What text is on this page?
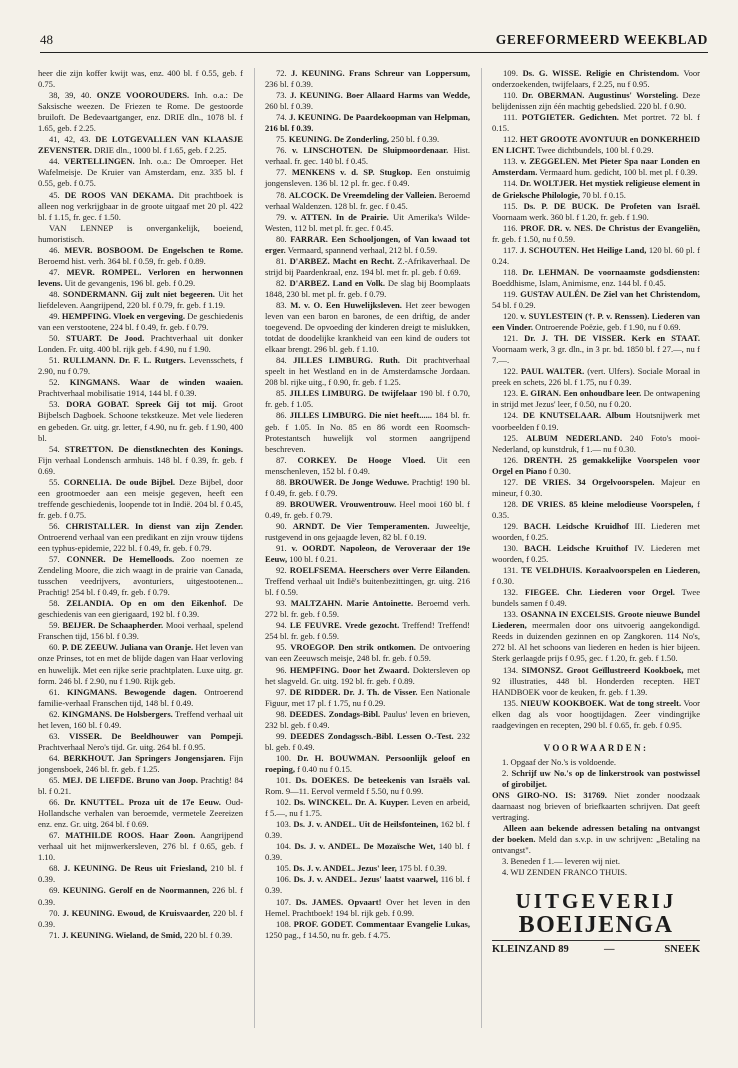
48	GEREFORMEERD WEEKBLAD

heer die zijn koffer kwijt was, enz. 400 bl. f 0.55, geb. f 0.75.

38, 39, 40. ONZE VOOROUDERS. Inh. o.a.: De Saksische weezen. De Friezen te Rome. De gestoorde bruiloft. De Bedevaartganger, enz. DRIE dln., 1078 bl. f 1.65, geb. f 2.25.

41, 42, 43. DE LOTGEVALLEN VAN KLAASJE ZEVENSTER. DRIE dln., 1000 bl. f 1.65, geb. f 2.25.

44. VERTELLINGEN. Inh. o.a.: De Omroeper. Het Wafelmeisje. De Kruier van Amsterdam, enz. 335 bl. f 0.55, geb. f 0.75.

45. DE ROOS VAN DEKAMA. Dit prachtboek is alleen nog verkrijgbaar in de groote uitgaaf met 20 pl. 422 bl. f 1.15, fr. gec. f 1.50.

VAN LENNEP is onvergankelijk, boeiend, humoristisch.

46. MEVR. BOSBOOM. De Engelschen te Rome. Beroemd hist. verh. 364 bl. f 0.59, fr. geb. f 0.89.

47. MEVR. ROMPEL. Verloren en herwonnen levens. Uit de gevangenis, 196 bl. geb. f 0.29.

48. SONDERMANN. Gij zult niet begeeren. Uit het liefdeleven. Aangrijpend, 220 bl. f 0.79, fr. geb. f 1.19.

49. HEMPFING. Vloek en vergeving. De geschiedenis van een verstootene, 224 bl. f 0.49, fr. geb. f 0.79.

50. STUART. De Jood. Prachtverhaal uit donker Londen. Fr. uitg. 400 bl. rijk geb. f 4.90, nu f 1.90.

51. RULLMANN. Dr. F. L. Rutgers. Levensschets, f 2.90, nu f 0.79.

52. KINGMANS. Waar de winden waaien. Prachtverhaal mobilisatie 1914, 144 bl. f 0.39.

53. DORA GOBAT. Spreek Gij tot mij. Groot Bijbelsch Dagboek. Schoone tekstkeuze. Met vele liederen en gebeden. Gr. uitg. gr. letter, f 4.90, nu fr. geb. f 1.90, 400 bl.

54. STRETTON. De dienstknechten des Konings. Fijn verhaal Londensch armhuis. 148 bl. f 0.39, fr. geb. f 0.69.

55. CORNELIA. De oude Bijbel. Deze Bijbel, door een grootmoeder aan een meisje gegeven, heeft een treffende geschiedenis, loopende tot in Indië. 204 bl. f 0.45, fr. geb. f 0.75.

56. CHRISTALLER. In dienst van zijn Zender. Ontroerend verhaal van een predikant en zijn vrouw tijdens een typhus-epidemie, 222 bl. f 0.49, fr. geb. f 0.79.

57. CONNER. De Hemelloods. Zoo noemen ze Zendeling Moore, die zich waagt in de prairie van Canada, tusschen veedrijvers, avonturiers, uitgestootenen... Prachtig! 254 bl. f 0.49, fr. geb. f 0.79.

58. ZELANDIA. Op en om den Eikenhof. De geschiedenis van een gierigaard, 192 bl. f 0.39.

59. BEIJER. De Schaapherder. Mooi verhaal, spelend Franschen tijd, 156 bl. f 0.39.

60. P. DE ZEEUW. Juliana van Oranje. Het leven van onze Prinses, tot en met de blijde dagen van Haar verloving en huwelijk. Met een rijke serie prachtplaten. Luxe uitg. gr. form. 246 bl. f 2.90, nu f 1.90. Rijk geb.

61. KINGMANS. Bewogende dagen. Ontroerend familie-verhaal Franschen tijd, 148 bl. f 0.49.

62. KINGMANS. De Holsbergers. Treffend verhaal uit het leven, 160 bl. f 0.49.

63. VISSER. De Beeldhouwer van Pompeji. Prachtverhaal Nero's tijd. Gr. uitg. 264 bl. f 0.95.

64. BERKHOUT. Jan Springers Jongensjaren. Fijn jongensboek, 246 bl. fr. geb. f 1.25.

65. MEJ. DE LIEFDE. Bruno van Joop. Prachtig! 84 bl. f 0.21.

66. Dr. KNUTTEL. Proza uit de 17e Eeuw. Oud-Hollandsche verhalen van beroemde, vermetele Zeereizen enz. enz. Gr. uitg. 264 bl. f 0.69.

67. MATHILDE ROOS. Haar Zoon. Aangrijpend verhaal uit het mijnwerkersleven, 276 bl. f 0.65, geb. f 1.10.

68. J. KEUNING. De Reus uit Friesland, 210 bl. f 0.39.

69. KEUNING. Gerolf en de Noormannen, 226 bl. f 0.39.

70. J. KEUNING. Ewoud, de Kruisvaarder, 220 bl. f 0.39.

71. J. KEUNING. Wieland, de Smid, 220 bl. f 0.39.

72. J. KEUNING. Frans Schreur van Loppersum, 236 bl. f 0.39.

73. J. KEUNING. Boer Allaard Harms van Wedde, 260 bl. f 0.39.

74. J. KEUNING. De Paardekoopman van Helpman, 216 bl. f 0.39.

75. KEUNING. De Zonderling, 250 bl. f 0.39.

76. v. LINSCHOTEN. De Sluipmoordenaar. Hist. verhaal. fr. gec. 140 bl. f 0.45.

77. MENKENS v. d. SP. Stugkop. Een onstuimig jongensleven. 136 bl. 12 pl. fr. gec. f 0.49.

78. ALCOCK. De Vreemdeling der Valleien. Beroemd verhaal Waldenzen. 128 bl. fr. gec. f 0.45.

79. v. ATTEN. In de Prairie. Uit Amerika's Wilde-Westen, 112 bl. met pl. fr. gec. f 0.45.

80. FARRAR. Een Schooljongen, of Van kwaad tot erger. Vermaard, spannend verhaal, 212 bl. f 0.59.

81. D'ARBEZ. Macht en Recht. Z.-Afrikaverhaal. De strijd bij Paardenkraal, enz. 194 bl. met fr. pl. geb. f 0.69.

82. D'ARBEZ. Land en Volk. De slag bij Boomplaats 1848, 230 bl. met pl. fr. geb. f 0.79.

83. M. v. O. Een Huwelijksleven. Het zeer bewogen leven van een baron en barones, de een driftig, de ander toegevend. De opvoeding der kinderen dreigt te mislukken, totdat de doodelijke krankheid van een kind de ouders tot elkaar brengt. 296 bl. geb. f 1.10.

84. JILLES LIMBURG. Ruth. Dit prachtverhaal speelt in het Westland en in de Amsterdamsche Jordaan. 208 bl. rijke uitg., f 0.90, fr. geb. f 1.25.

85. JILLES LIMBURG. De twijfelaar 190 bl. f 0.70, fr. geb. f 1.05.

86. JILLES LIMBURG. Die niet heeft...... 184 bl. fr. geb. f 1.05. In No. 85 en 86 wordt een Roomsch-Protestantsch huwelijk vol stormen aangrijpend beschreven.

87. CORKEY. De Hooge Vloed. Uit een menschenleven, 152 bl. f 0.49.

88. BROUWER. De Jonge Weduwe. Prachtig! 190 bl. f 0.49, fr. geb. f 0.79.

89. BROUWER. Vrouwentrouw. Heel mooi 160 bl. f 0.49, fr. geb. f 0.79.

90. ARNDT. De Vier Temperamenten. Juweeltje, rustgevend in ons gejaagde leven, 82 bl. f 0.19.

91. v. OORDT. Napoleon, de Veroveraar der 19e Eeuw, 100 bl. f 0.21.

92. ROELFSEMA. Heerschers over Verre Eilanden. Treffend verhaal uit Indië's buitenbezittingen, gr. uitg. 216 bl. f 0.59.

93. MALTZAHN. Marie Antoinette. Beroemd verh. 272 bl. fr. geb. f 0.59.

94. LE FEUVRE. Vrede gezocht. Treffend! Treffend! 254 bl. fr. geb. f 0.59.

95. VROEGOP. Den strik ontkomen. De ontvoering van een Zeeuwsch meisje, 248 bl. fr. geb. f 0.59.

96. HEMPFING. Door het Zwaard. Doktersleven op het slagveld. Gr. uitg. 192 bl. fr. geb. f 0.89.

97. DE RIDDER. Dr. J. Th. de Visser. Een Nationale Figuur, met 17 pl. f 1.75, nu f 0.29.

98. DEEDES. Zondags-Bibl. Paulus' leven en brieven, 232 bl. geb. f 0.49.

99. DEEDES Zondagssch.-Bibl. Lessen O.-Test. 232 bl. geb. f 0.49.

100. Dr. H. BOUWMAN. Persoonlijk geloof en roeping, f 0.40 nu f 0.15.

101. Ds. DOEKES. De beteekenis van Israëls val. Rom. 9—11. Eervol vermeld f 5.50, nu f 0.99.

102. Ds. WINCKEL. Dr. A. Kuyper. Leven en arbeid, f 5.—, nu f 1.75.

103. Ds. J. v. ANDEL. Uit de Heilsfonteinen, 162 bl. f 0.39.

104. Ds. J. v. ANDEL. De Mozaïsche Wet, 140 bl. f 0.39.

105. Ds. J. v. ANDEL. Jezus' leer, 175 bl. f 0.39.

106. Ds. J. v. ANDEL. Jezus' laatst vaarwel, 116 bl. f 0.39.

107. Ds. JAMES. Opvaart! Over het leven in den Hemel. Prachtboek! 194 bl. rijk geb. f 0.99.

108. PROF. GODET. Commentaar Evangelie Lukas, 1250 pag., f 14.50, nu fr. geb. f 4.75.

109. Ds. G. WISSE. Religie en Christendom. Voor onderzoekenden, twijfelaars, f 2.25, nu f 0.95.

110. Dr. OBERMAN. Augustinus' Worsteling. Deze belijdenissen zijn één machtig gebedslied. 220 bl. f 0.90.

111. POTGIETER. Gedichten. Met portret. 72 bl. f 0.15.

112. HET GROOTE AVONTUUR en DONKERHEID EN LICHT. Twee dichtbundels, 100 bl. f 0.29.

113. v. ZEGGELEN. Met Pieter Spa naar Londen en Amsterdam. Vermaard hum. gedicht, 100 bl. met pl. f 0.39.

114. Dr. WOLTJER. Het mystiek religieuse element in de Grieksche Philologie, 70 bl. f 0.15.

115. Ds. P. DE BUCK. De Profeten van Israël. Voornaam werk. 360 bl. f 1.20, fr. geb. f 1.90.

116. PROF. DR. v. NES. De Christus der Evangeliën, fr. geb. f 1.50, nu f 0.59.

117. J. SCHOUTEN. Het Heilige Land, 120 bl. 60 pl. f 0.24.

118. Dr. LEHMAN. De voornaamste godsdiensten: Boeddhisme, Islam, Animisme, enz. 144 bl. f 0.45.

119. GUSTAV AULÉN. De Ziel van het Christendom, 54 bl. f 0.29.

120. v. SUYLESTEIN (†. P. v. Renssen). Liederen van een Vinder. Ontroerende Poëzie, geb. f 1.90, nu f 0.69.

121. Dr. J. TH. DE VISSER. Kerk en STAAT. Voornaam werk, 3 gr. dln., in 3 pr. bd. 1850 bl. f 27.—, nu f 7.—.

122. PAUL WALTER. (vert. Ulfers). Sociale Moraal in preek en schets, 226 bl. f 1.75, nu f 0.39.

123. E. GIRAN. Een onhoudbare leer. De ontwapening in strijd met Jezus' leer, f 0.50, nu f 0.20.

124. DE KNUTSELAAR. Album Houtsnijwerk met voorbeelden f 0.19.

125. ALBUM NEDERLAND. 240 Foto's mooi-Nederland, op kunstdruk, f 1.— nu f 0.30.

126. DRENTH. 25 gemakkelijke Voorspelen voor Orgel en Piano f 0.30.

127. DE VRIES. 34 Orgelvoorspelen. Majeur en mineur, f 0.30.

128. DE VRIES. 85 kleine melodieuse Voorspelen, f 0.35.

129. BACH. Leidsche Kruidhof III. Liederen met woorden, f 0.25.

130. BACH. Leidsche Kruithof IV. Liederen met woorden, f 0.25.

131. TE VELDHUIS. Koraalvoorspelen en Liederen, f 0.30.

132. FIEGEE. Chr. Liederen voor Orgel. Twee bundels samen f 0.49.

133. OSANNA IN EXCELSIS. Groote nieuwe Bundel Liederen, meermalen door ons uitvoerig aangekondigd. Reeds in duizenden gezinnen en op Zangkoren. 114 No's, 272 bl. Al het schoons van liederen en heden is hier bijeen. Sterk gerlaagde prijs f 0.95, gec. f 1.20, fr. geb. f 1.50.

134. SIMONSZ. Groot Geïllustreerd Kookboek, met 92 illustraties, 448 bl. Honderden recepten. HET HANDBOEK voor de keuken, fr. geb. f 1.39.

135. NIEUW KOOKBOEK. Wat de tong streelt. Voor elken dag als voor hoogtijdagen. Zeer vindingrijke raadgevingen en recepten, 290 bl. f 0.65, fr. geb. f 0.95.

VOORWAARDEN:

1. Opgaaf der No.'s is voldoende.

2. Schrijf uw No.'s op de linkerstrook van postwissel of girobiljet.

ONS GIRO-NO. IS: 31769. Niet zonder noodzaak daarnaast nog brieven of briefkaarten schrijven. Dat geeft vertraging.

Alleen aan bekende adressen betaling na ontvangst der boeken. Meld dan s.v.p. in uw schrijven: „Betaling na ontvangst".

3. Beneden f 1.— leveren wij niet.

4. WIJ ZENDEN FRANCO THUIS.

UITGEVERIJ
BOEIJENGA
KLEINZAND 89	—	SNEEK
